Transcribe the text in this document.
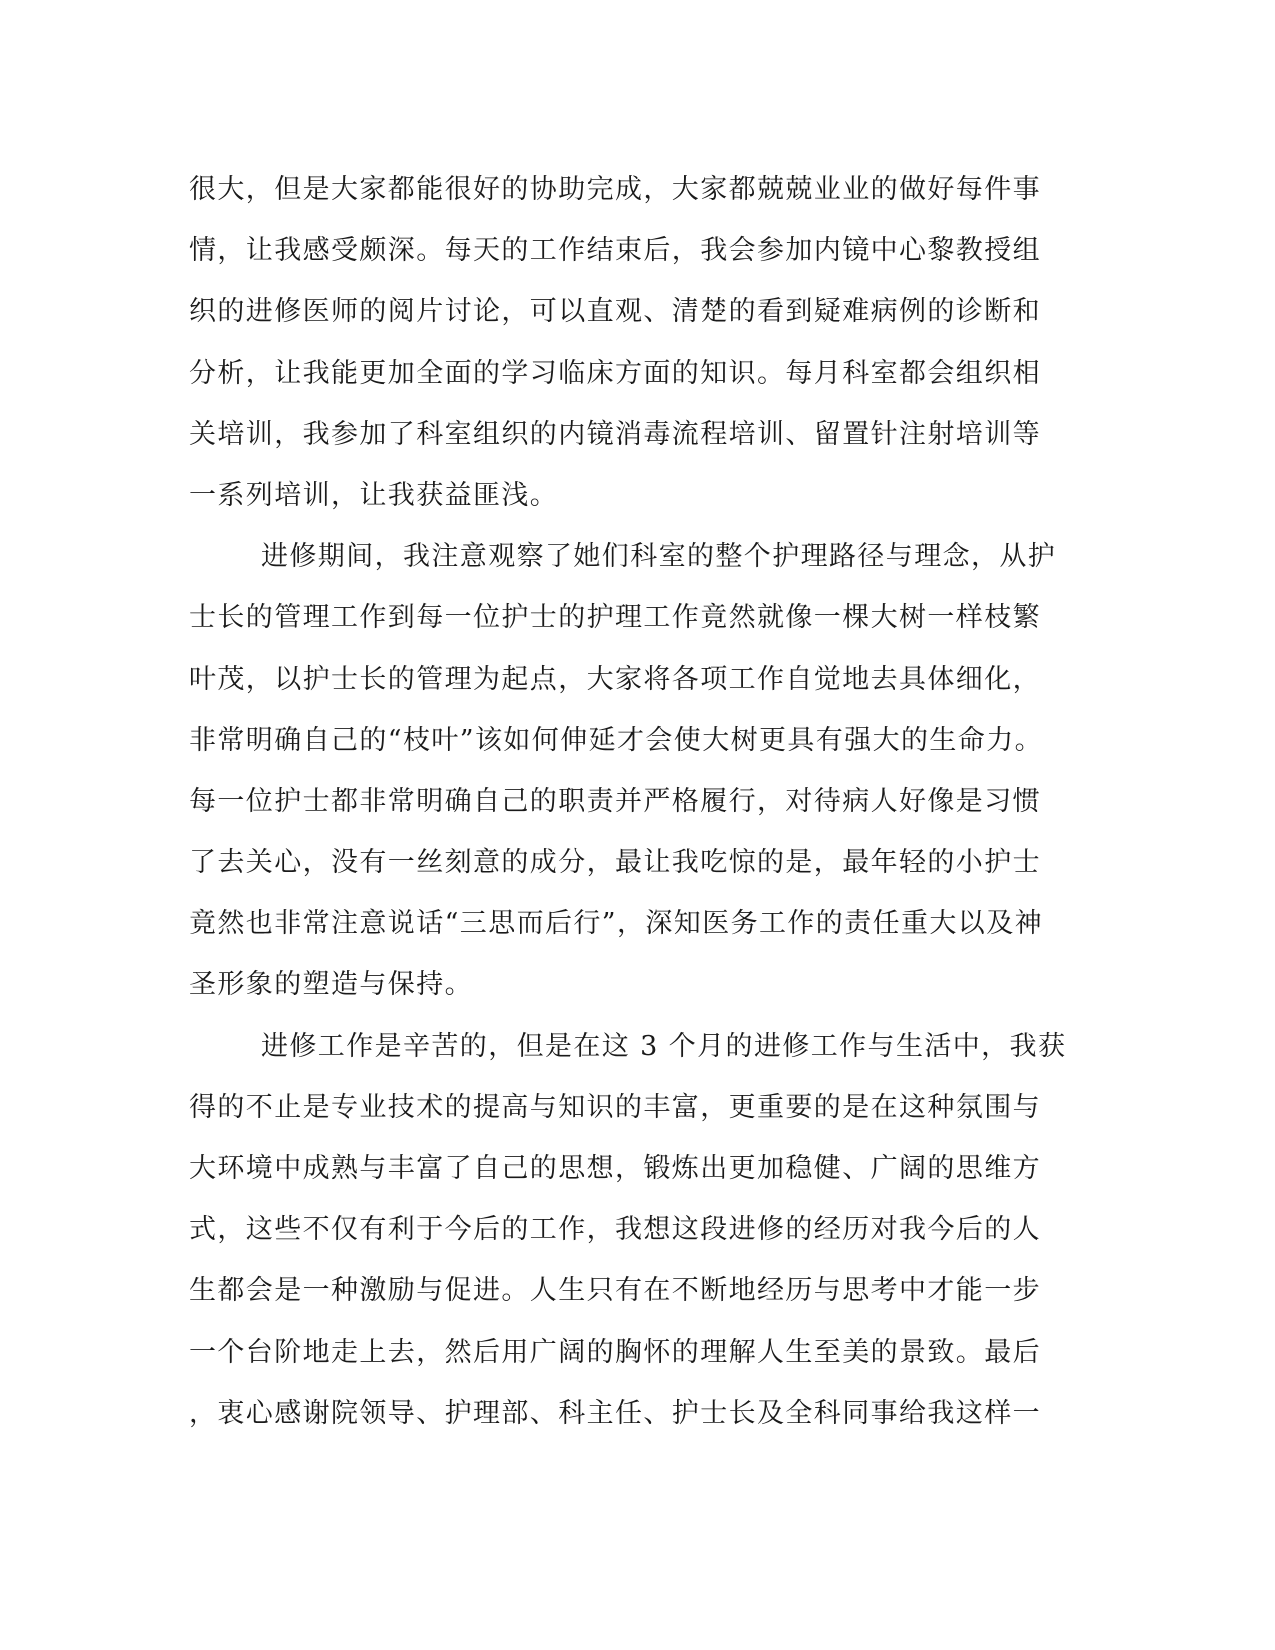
很大，但是大家都能很好的协助完成，大家都兢兢业业的做好每件事
情，让我感受颇深。每天的工作结束后，我会参加内镜中心黎教授组
织的进修医师的阅片讨论，可以直观、清楚的看到疑难病例的诊断和
分析，让我能更加全面的学习临床方面的知识。每月科室都会组织相
关培训，我参加了科室组织的内镜消毒流程培训、留置针注射培训等
一系列培训，让我获益匪浅。
进修期间，我注意观察了她们科室的整个护理路径与理念，从护
士长的管理工作到每一位护士的护理工作竟然就像一棵大树一样枝繁
叶茂，以护士长的管理为起点，大家将各项工作自觉地去具体细化，
非常明确自己的“枝叶”该如何伸延才会使大树更具有强大的生命力。
每一位护士都非常明确自己的职责并严格履行，对待病人好像是习惯
了去关心，没有一丝刻意的成分，最让我吃惊的是，最年轻的小护士
竟然也非常注意说话“三思而后行”，深知医务工作的责任重大以及神
圣形象的塑造与保持。
进修工作是辛苦的，但是在这 3 个月的进修工作与生活中，我获
得的不止是专业技术的提高与知识的丰富，更重要的是在这种氛围与
大环境中成熟与丰富了自己的思想，锻炼出更加稳健、广阔的思维方
式，这些不仅有利于今后的工作，我想这段进修的经历对我今后的人
生都会是一种激励与促进。人生只有在不断地经历与思考中才能一步
一个台阶地走上去，然后用广阔的胸怀的理解人生至美的景致。最后
，衷心感谢院领导、护理部、科主任、护士长及全科同事给我这样一
